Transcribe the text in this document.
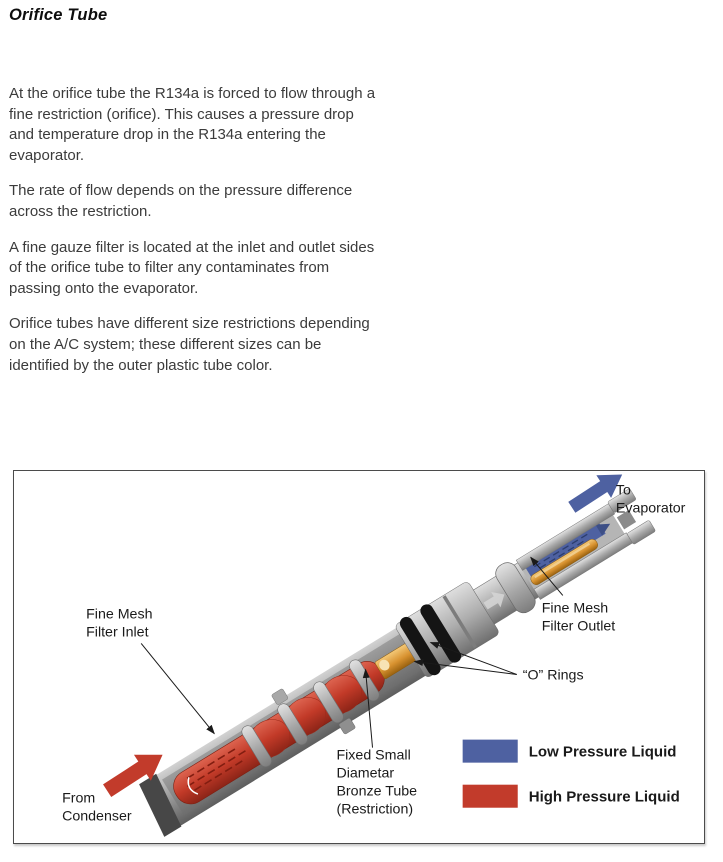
Orifice Tube

At the orifice tube the R134a is forced to flow through a fine restriction (orifice). This causes a pressure drop and temperature drop in the R134a entering the evaporator.

The rate of flow depends on the pressure difference across the restriction.

A fine gauze filter is located at the inlet and outlet sides of the orifice tube to filter any contaminates from passing onto the evaporator.

Orifice tubes have different size restrictions depending on the A/C system; these different sizes can be identified by the outer plastic tube color.

To
Evaporator
From
Condenser
Fine Mesh
Filter Inlet
Fine Mesh
Filter Outlet
“O” Rings
Fixed Small
Diametar
Bronze Tube
(Restriction)
Low Pressure Liquid
High Pressure Liquid
